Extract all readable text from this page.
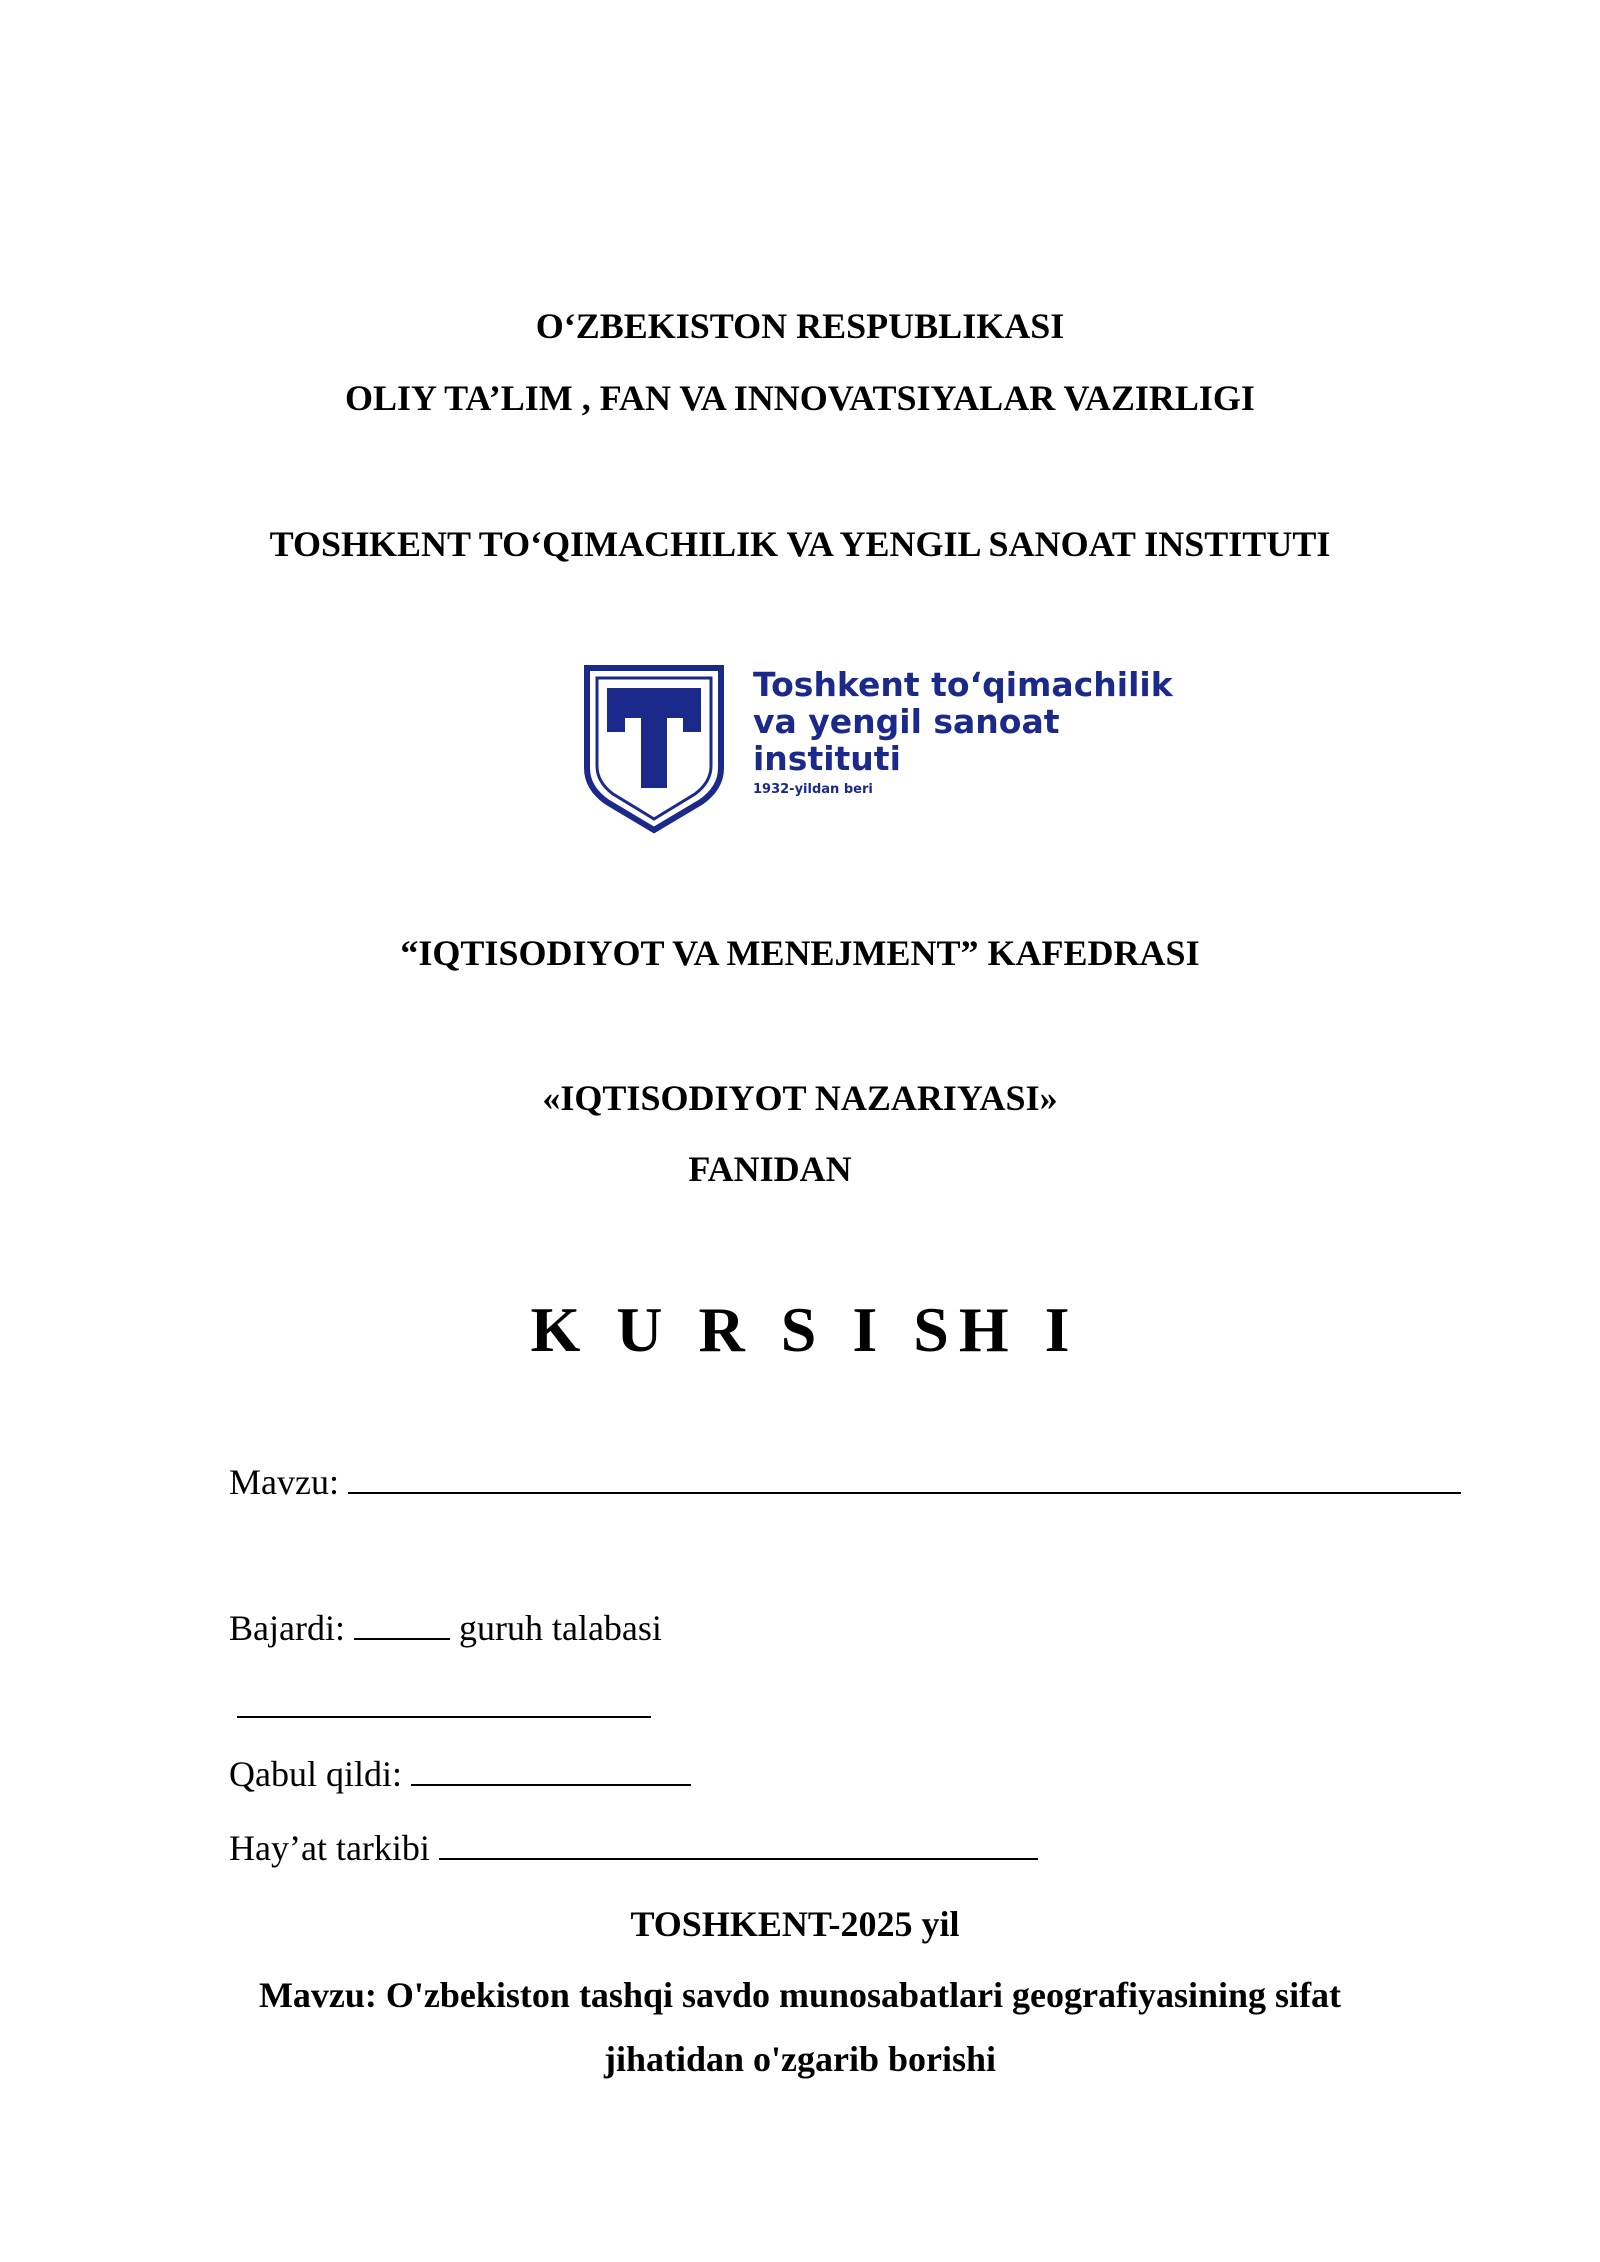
O‘ZBEKISTON RESPUBLIKASI
OLIY TA’LIM , FAN VA INNOVATSIYALAR VAZIRLIGI
TOSHKENT TO‘QIMACHILIK VA YENGIL SANOAT INSTITUTI
Toshkent to‘qimachilik
va yengil sanoat
instituti
1932-yildan beri
“IQTISODIYOT VA MENEJMENT” KAFEDRASI
«IQTISODIYOT NAZARIYASI»
FANIDAN
K U R S I SH I
Mavzu:
Bajardi:	guruh talabasi
Qabul qildi:
Hay’at tarkibi
TOSHKENT-2025 yil
Mavzu: O'zbekiston tashqi savdo munosabatlari geografiyasining sifat
jihatidan o'zgarib borishi
